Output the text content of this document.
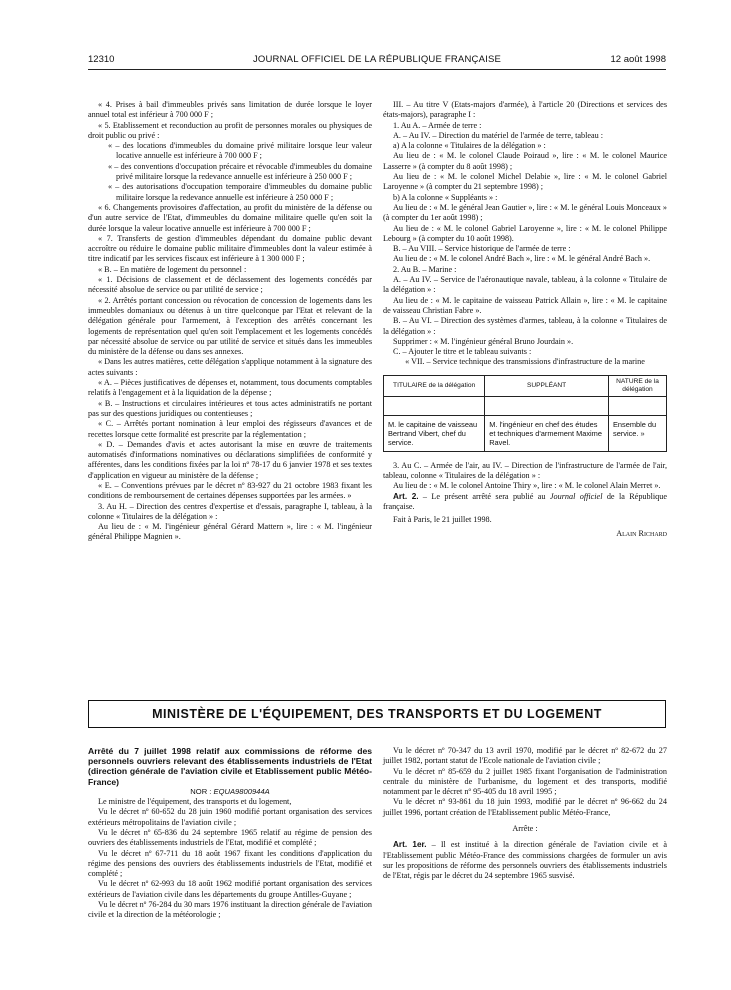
12310	JOURNAL OFFICIEL DE LA RÉPUBLIQUE FRANÇAISE	12 août 1998

« 4. Prises à bail d'immeubles privés sans limitation de durée lorsque le loyer annuel total est inférieur à 700 000 F ;

« 5. Etablissement et reconduction au profit de personnes morales ou physiques de droit public ou privé :

« – des locations d'immeubles du domaine privé militaire lorsque leur valeur locative annuelle est inférieure à 700 000 F ;

« – des conventions d'occupation précaire et révocable d'immeubles du domaine privé militaire lorsque la redevance annuelle est inférieure à 250 000 F ;

« – des autorisations d'occupation temporaire d'immeubles du domaine public militaire lorsque la redevance annuelle est inférieure à 250 000 F ;

« 6. Changements provisoires d'affectation, au profit du ministère de la défense ou d'un autre service de l'Etat, d'immeubles du domaine militaire quelle qu'en soit la durée lorsque la valeur locative annuelle est inférieure à 700 000 F ;

« 7. Transferts de gestion d'immeubles dépendant du domaine public devant accroître ou réduire le domaine public militaire d'immeubles dont la valeur estimée à titre indicatif par les services fiscaux est inférieure à 1 300 000 F ;

« B. – En matière de logement du personnel :

« 1. Décisions de classement et de déclassement des logements concédés par nécessité absolue de service ou par utilité de service ;

« 2. Arrêtés portant concession ou révocation de concession de logements dans les immeubles domaniaux ou détenus à un titre quelconque par l'Etat et relevant de la délégation générale pour l'armement, à l'exception des arrêtés concernant les logements de représentation quel qu'en soit l'emplacement et les logements concédés par nécessité absolue de service ou par utilité de service et situés dans les immeubles du ministère de la défense ou dans ses annexes.

« Dans les autres matières, cette délégation s'applique notamment à la signature des actes suivants :

« A. – Pièces justificatives de dépenses et, notamment, tous documents comptables relatifs à l'engagement et à la liquidation de la dépense ;

« B. – Instructions et circulaires intérieures et tous actes administratifs ne portant pas sur des questions juridiques ou contentieuses ;

« C. – Arrêtés portant nomination à leur emploi des régisseurs d'avances et de recettes lorsque cette formalité est prescrite par la réglementation ;

« D. – Demandes d'avis et actes autorisant la mise en œuvre de traitements automatisés d'informations nominatives ou déclarations simplifiées de conformité y afférentes, dans les conditions fixées par la loi nº 78-17 du 6 janvier 1978 et ses textes d'application en vigueur au ministère de la défense ;

« E. – Conventions prévues par le décret nº 83-927 du 21 octobre 1983 fixant les conditions de remboursement de certaines dépenses supportées par les armées. »

3. Au H. – Direction des centres d'expertise et d'essais, paragraphe I, tableau, à la colonne « Titulaires de la délégation » :

Au lieu de : « M. l'ingénieur général Gérard Mattern », lire : « M. l'ingénieur général Philippe Magnien ».

III. – Au titre V (Etats-majors d'armée), à l'article 20 (Directions et services des états-majors), paragraphe I :

1. Au A. – Armée de terre :

A. – Au IV. – Direction du matériel de l'armée de terre, tableau :

a) A la colonne « Titulaires de la délégation » :

Au lieu de : « M. le colonel Claude Poiraud », lire : « M. le colonel Maurice Lasserre » (à compter du 8 août 1998) ;

Au lieu de : « M. le colonel Michel Delabie », lire : « M. le colonel Gabriel Laroyenne » (à compter du 21 septembre 1998) ;

b) A la colonne « Suppléants » :

Au lieu de : « M. le général Jean Gautier », lire : « M. le général Louis Monceaux » (à compter du 1er août 1998) ;

Au lieu de : « M. le colonel Gabriel Laroyenne », lire : « M. le colonel Philippe Lebourg » (à compter du 10 août 1998).

B. – Au VIII. – Service historique de l'armée de terre :

Au lieu de : « M. le colonel André Bach », lire : « M. le général André Bach ».

2. Au B. – Marine :

A. – Au IV. – Service de l'aéronautique navale, tableau, à la colonne « Titulaire de la délégation » :

Au lieu de : « M. le capitaine de vaisseau Patrick Allain », lire : « M. le capitaine de vaisseau Christian Fabre ».

B. – Au VI. – Direction des systèmes d'armes, tableau, à la colonne « Titulaires de la délégation » :

Supprimer : « M. l'ingénieur général Bruno Jourdain ».

C. – Ajouter le titre et le tableau suivants :

« VII. – Service technique des transmissions d'infrastructure de la marine

TITULAIRE de la délégation	SUPPLÉANT	NATURE de la délégation

M. le capitaine de vaisseau Bertrand Vibert, chef du service.	M. l'ingénieur en chef des études et techniques d'armement Maxime Ravel.	Ensemble du service. »

3. Au C. – Armée de l'air, au IV. – Direction de l'infrastructure de l'armée de l'air, tableau, colonne « Titulaires de la délégation » :

Au lieu de : « M. le colonel Antoine Thiry », lire : « M. le colonel Alain Merret ».

Art. 2. – Le présent arrêté sera publié au Journal officiel de la République française.

Fait à Paris, le 21 juillet 1998.

Alain Richard

MINISTÈRE DE L'ÉQUIPEMENT, DES TRANSPORTS ET DU LOGEMENT

Arrêté du 7 juillet 1998 relatif aux commissions de réforme des personnels ouvriers relevant des établissements industriels de l'Etat (direction générale de l'aviation civile et Etablissement public Météo-France)

NOR : EQUA9800944A

Le ministre de l'équipement, des transports et du logement,

Vu le décret nº 60-652 du 28 juin 1960 modifié portant organisation des services extérieurs métropolitains de l'aviation civile ;

Vu le décret nº 65-836 du 24 septembre 1965 relatif au régime de pension des ouvriers des établissements industriels de l'Etat, modifié et complété ;

Vu le décret nº 67-711 du 18 août 1967 fixant les conditions d'application du régime des pensions des ouvriers des établissements industriels de l'Etat, modifié et complété ;

Vu le décret nº 62-993 du 18 août 1962 modifié portant organisation des services extérieurs de l'aviation civile dans les départements du groupe Antilles-Guyane ;

Vu le décret nº 76-284 du 30 mars 1976 instituant la direction générale de l'aviation civile et la direction de la météorologie ;

Vu le décret nº 70-347 du 13 avril 1970, modifié par le décret nº 82-672 du 27 juillet 1982, portant statut de l'Ecole nationale de l'aviation civile ;

Vu le décret nº 85-659 du 2 juillet 1985 fixant l'organisation de l'administration centrale du ministère de l'urbanisme, du logement et des transports, modifié notamment par le décret nº 95-405 du 18 avril 1995 ;

Vu le décret nº 93-861 du 18 juin 1993, modifié par le décret nº 96-662 du 24 juillet 1996, portant création de l'Etablissement public Météo-France,

Arrête :

Art. 1er. – Il est institué à la direction générale de l'aviation civile et à l'Etablissement public Météo-France des commissions chargées de formuler un avis sur les propositions de réforme des personnels ouvriers des établissements industriels de l'Etat, régis par le décret du 24 septembre 1965 susvisé.
